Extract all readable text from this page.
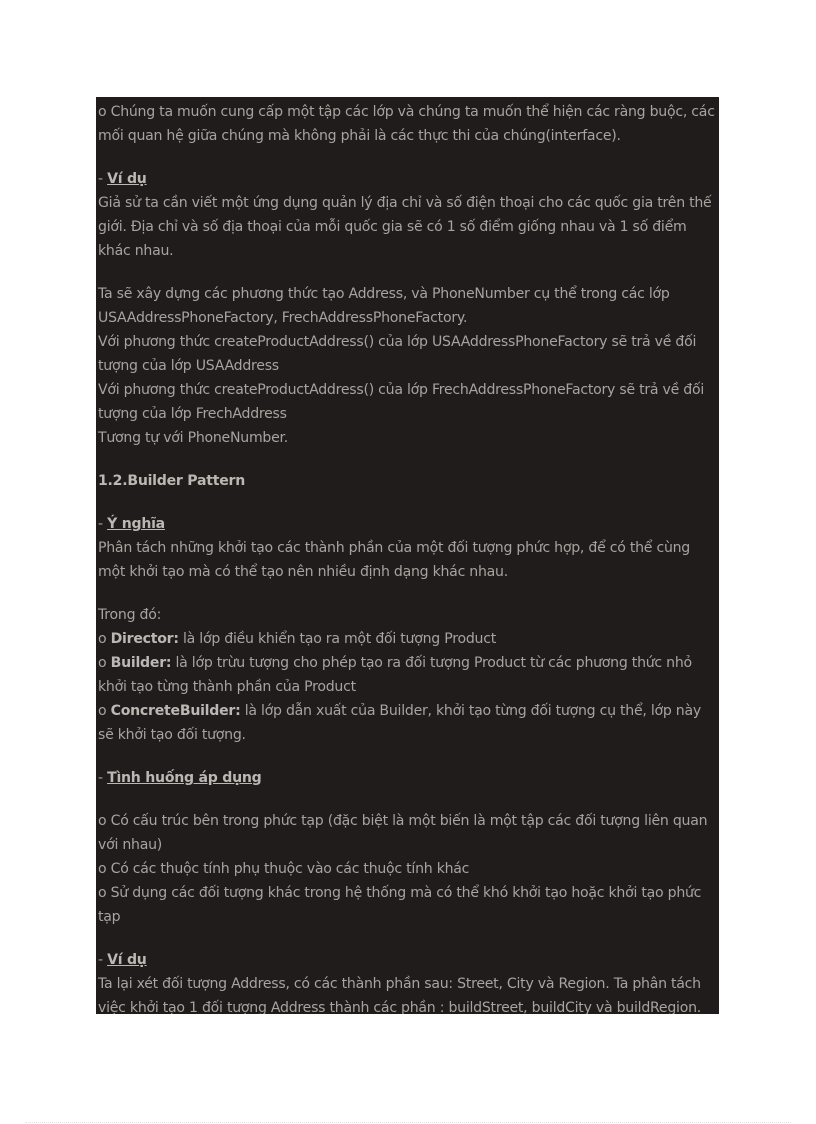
o Chúng ta muốn cung cấp một tập các lớp và chúng ta muốn thể hiện các ràng buộc, các mối quan hệ giữa chúng mà không phải là các thực thi của chúng(interface).

- Ví dụ

Giả sử ta cần viết một ứng dụng quản lý địa chỉ và số điện thoại cho các quốc gia trên thế giới. Địa chỉ và số địa thoại của mỗi quốc gia sẽ có 1 số điểm giống nhau và 1 số điểm khác nhau.

Ta sẽ xây dựng các phương thức tạo Address, và PhoneNumber cụ thể trong các lớp USAAddressPhoneFactory, FrechAddressPhoneFactory.

Với phương thức createProductAddress() của lớp USAAddressPhoneFactory sẽ trả về đối tượng của lớp USAAddress

Với phương thức createProductAddress() của lớp FrechAddressPhoneFactory sẽ trả về đối tượng của lớp FrechAddress

Tương tự với PhoneNumber.

1.2.Builder Pattern

- Ý nghĩa

Phân tách những khởi tạo các thành phần của một đối tượng phức hợp, để có thể cùng một khởi tạo mà có thể tạo nên nhiều định dạng khác nhau.

Trong đó:

o Director: là lớp điều khiển tạo ra một đối tượng Product

o Builder: là lớp trừu tượng cho phép tạo ra đối tượng Product từ các phương thức nhỏ khởi tạo từng thành phần của Product

o ConcreteBuilder: là lớp dẫn xuất của Builder, khởi tạo từng đối tượng cụ thể, lớp này sẽ khởi tạo đối tượng.

- Tình huống áp dụng

o Có cấu trúc bên trong phức tạp (đặc biệt là một biến là một tập các đối tượng liên quan với nhau)

o Có các thuộc tính phụ thuộc vào các thuộc tính khác

o Sử dụng các đối tượng khác trong hệ thống mà có thể khó khởi tạo hoặc khởi tạo phức tạp

- Ví dụ

Ta lại xét đối tượng Address, có các thành phần sau: Street, City và Region. Ta phân tách việc khởi tạo 1 đối tượng Address thành các phần : buildStreet, buildCity và buildRegion.
